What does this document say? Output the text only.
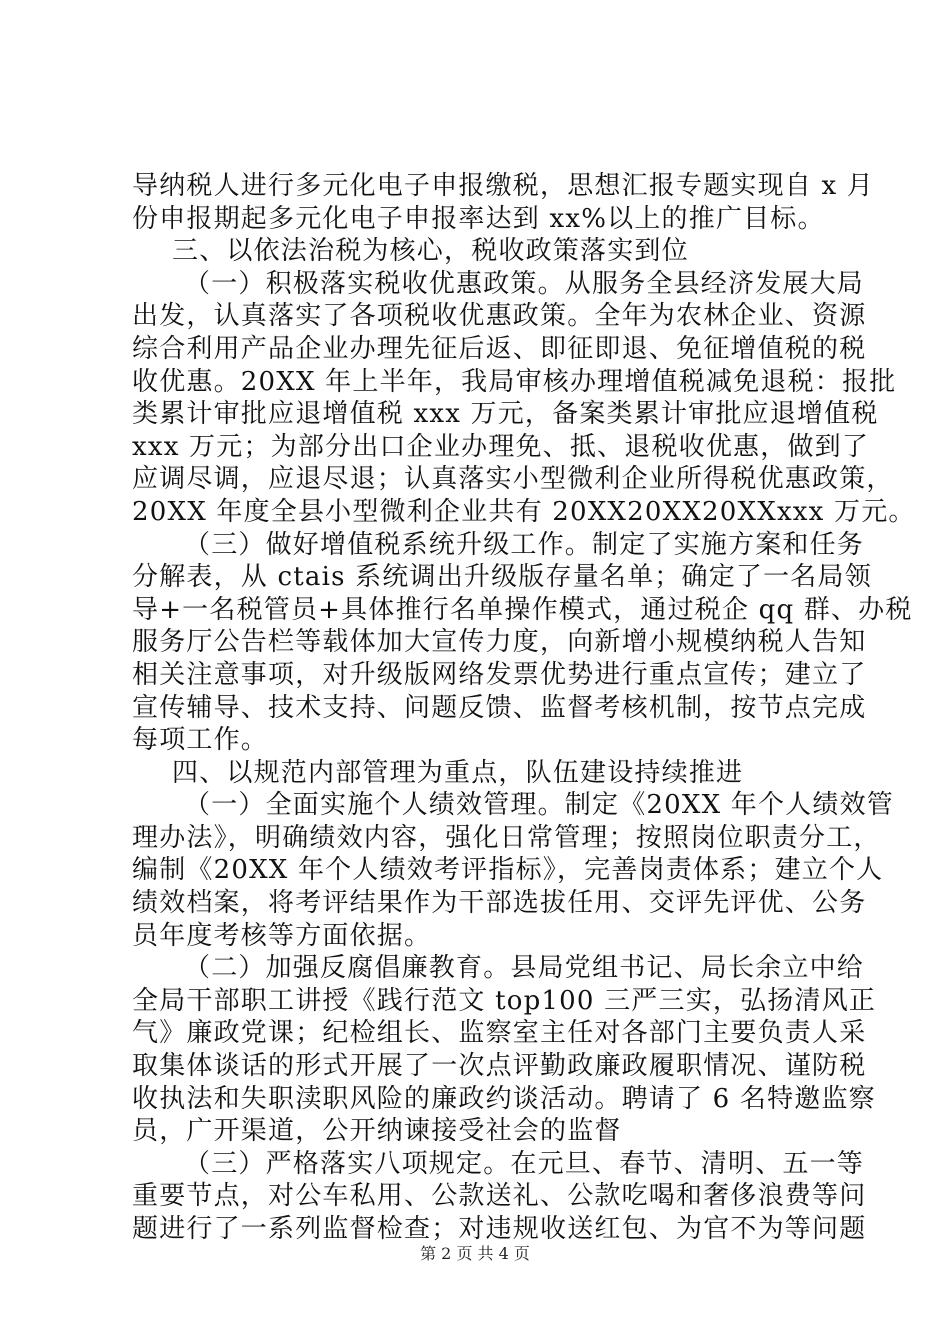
导纳税人进行多元化电子申报缴税，思想汇报专题实现自 x 月
份申报期起多元化电子申报率达到 xx%以上的推广目标。
三、以依法治税为核心，税收政策落实到位
（一）积极落实税收优惠政策。从服务全县经济发展大局
出发，认真落实了各项税收优惠政策。全年为农林企业、资源
综合利用产品企业办理先征后返、即征即退、免征增值税的税
收优惠。20XX 年上半年，我局审核办理增值税减免退税：报批
类累计审批应退增值税 xxx 万元，备案类累计审批应退增值税
xxx 万元；为部分出口企业办理免、抵、退税收优惠，做到了
应调尽调，应退尽退；认真落实小型微利企业所得税优惠政策，
20XX 年度全县小型微利企业共有 20XX20XX20XXxxx 万元。
（三）做好增值税系统升级工作。制定了实施方案和任务
分解表，从 ctais 系统调出升级版存量名单；确定了一名局领
导+一名税管员+具体推行名单操作模式，通过税企 qq 群、办税
服务厅公告栏等载体加大宣传力度，向新增小规模纳税人告知
相关注意事项，对升级版网络发票优势进行重点宣传；建立了
宣传辅导、技术支持、问题反馈、监督考核机制，按节点完成
每项工作。
四、以规范内部管理为重点，队伍建设持续推进
（一）全面实施个人绩效管理。制定《20XX 年个人绩效管
理办法》，明确绩效内容，强化日常管理；按照岗位职责分工，
编制《20XX 年个人绩效考评指标》，完善岗责体系；建立个人
绩效档案，将考评结果作为干部选拔任用、交评先评优、公务
员年度考核等方面依据。
（二）加强反腐倡廉教育。县局党组书记、局长余立中给
全局干部职工讲授《践行范文 top100 三严三实，弘扬清风正
气》廉政党课；纪检组长、监察室主任对各部门主要负责人采
取集体谈话的形式开展了一次点评勤政廉政履职情况、谨防税
收执法和失职渎职风险的廉政约谈活动。聘请了 6 名特邀监察
员，广开渠道，公开纳谏接受社会的监督
（三）严格落实八项规定。在元旦、春节、清明、五一等
重要节点，对公车私用、公款送礼、公款吃喝和奢侈浪费等问
题进行了一系列监督检查；对违规收送红包、为官不为等问题
第 2 页 共 4 页
